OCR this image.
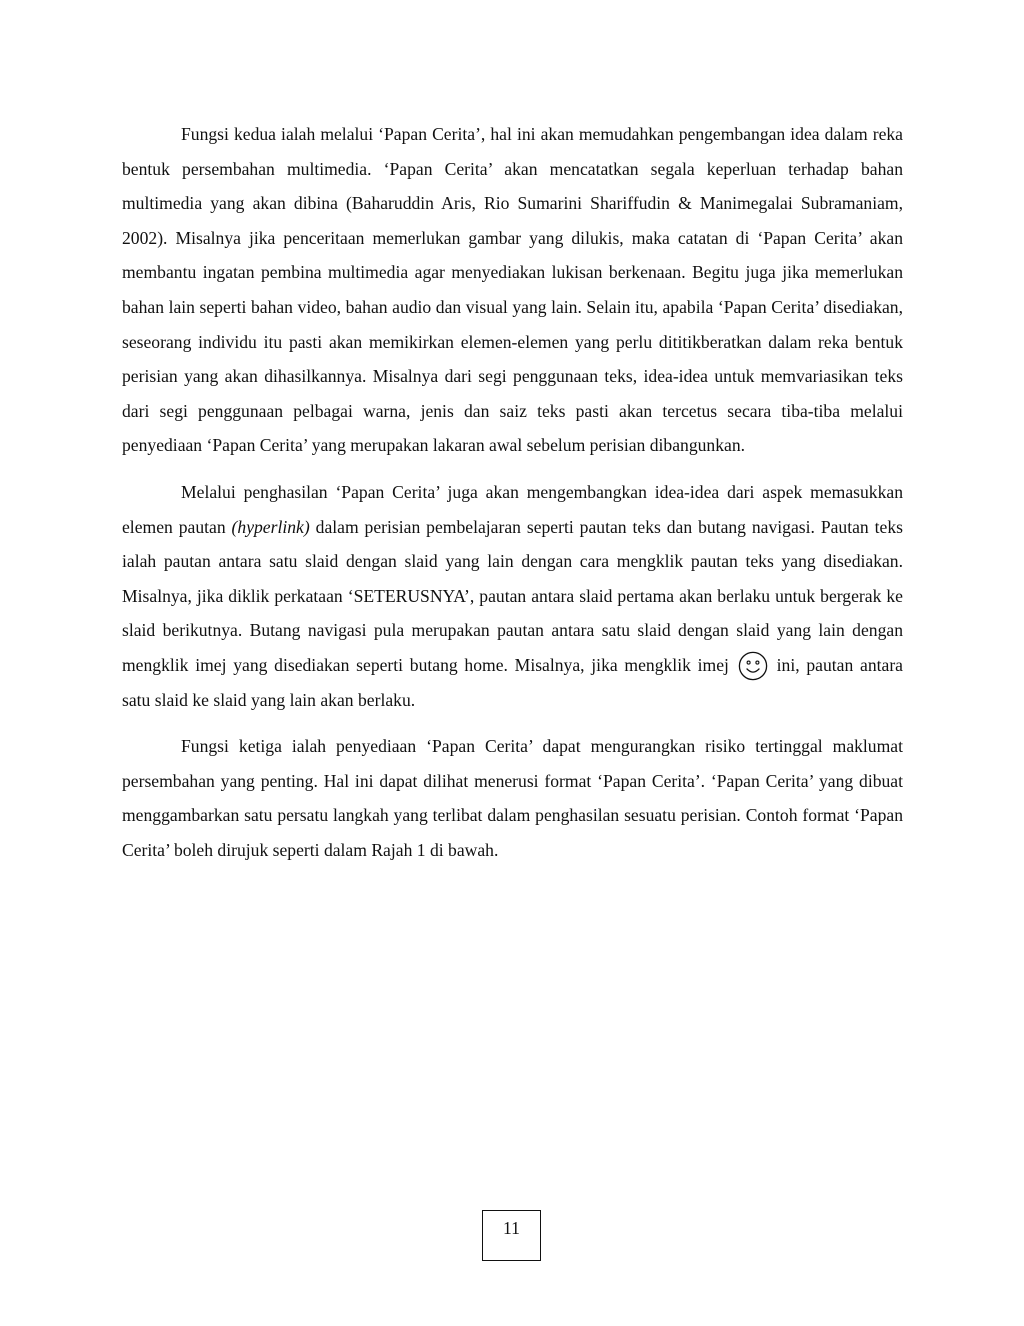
Fungsi kedua ialah melalui ‘Papan Cerita’, hal ini akan memudahkan pengembangan idea dalam reka bentuk persembahan multimedia. ‘Papan Cerita’ akan mencatatkan segala keperluan terhadap bahan multimedia yang akan dibina (Baharuddin Aris, Rio Sumarini Shariffudin & Manimegalai Subramaniam, 2002). Misalnya jika penceritaan memerlukan gambar yang dilukis, maka catatan di ‘Papan Cerita’ akan membantu ingatan pembina multimedia agar menyediakan lukisan berkenaan. Begitu juga jika memerlukan bahan lain seperti bahan video, bahan audio dan visual yang lain. Selain itu, apabila ‘Papan Cerita’ disediakan, seseorang individu itu pasti akan memikirkan elemen-elemen yang perlu dititikberatkan dalam reka bentuk perisian yang akan dihasilkannya. Misalnya dari segi penggunaan teks, idea-idea untuk memvariasikan teks dari segi penggunaan pelbagai warna, jenis dan saiz teks pasti akan tercetus secara tiba-tiba melalui penyediaan ‘Papan Cerita’ yang merupakan lakaran awal sebelum perisian dibangunkan.

Melalui penghasilan ‘Papan Cerita’ juga akan mengembangkan idea-idea dari aspek memasukkan elemen pautan (hyperlink) dalam perisian pembelajaran seperti pautan teks dan butang navigasi. Pautan teks ialah pautan antara satu slaid dengan slaid yang lain dengan cara mengklik pautan teks yang disediakan. Misalnya, jika diklik perkataan ‘SETERUSNYA’, pautan antara slaid pertama akan berlaku untuk bergerak ke slaid berikutnya. Butang navigasi pula merupakan pautan antara satu slaid dengan slaid yang lain dengan mengklik imej yang disediakan seperti butang home. Misalnya, jika mengklik imej	ini, pautan antara satu slaid ke slaid yang lain akan berlaku.

Fungsi ketiga ialah penyediaan ‘Papan Cerita’ dapat mengurangkan risiko tertinggal maklumat persembahan yang penting. Hal ini dapat dilihat menerusi format ‘Papan Cerita’. ‘Papan Cerita’ yang dibuat menggambarkan satu persatu langkah yang terlibat dalam penghasilan sesuatu perisian. Contoh format ‘Papan Cerita’ boleh dirujuk seperti dalam Rajah 1 di bawah.

11
